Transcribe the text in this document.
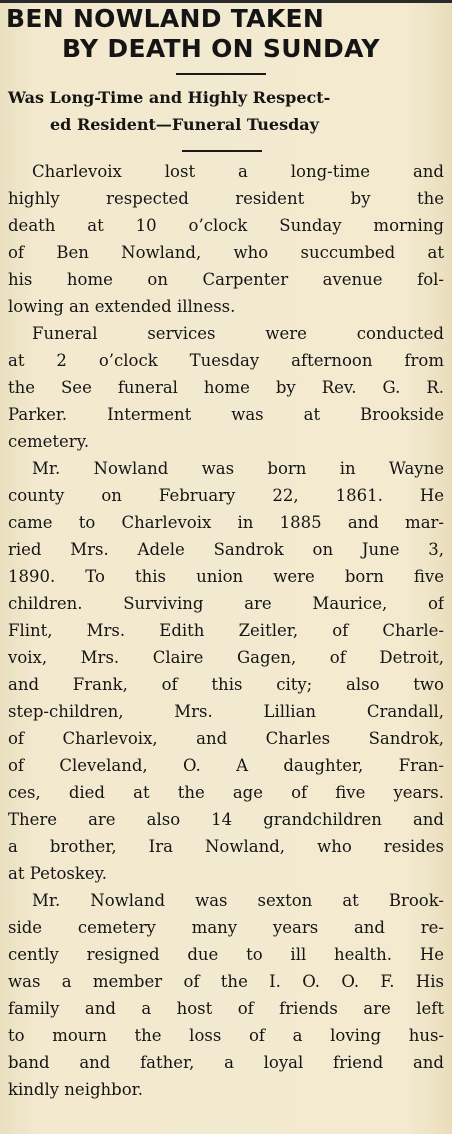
BEN NOWLAND TAKEN
BY DEATH ON SUNDAY
Was Long-Time and Highly Respect-
ed Resident—Funeral Tuesday
Charlevoix lost a long-time and
highly respected resident by the
death at 10 o’clock Sunday morning
of Ben Nowland, who succumbed at
his home on Carpenter avenue fol-
lowing an extended illness.
Funeral services were conducted
at 2 o’clock Tuesday afternoon from
the See funeral home by Rev. G. R.
Parker. Interment was at Brookside
cemetery.
Mr. Nowland was born in Wayne
county on February 22, 1861. He
came to Charlevoix in 1885 and mar-
ried Mrs. Adele Sandrok on June 3,
1890. To this union were born five
children. Surviving are Maurice, of
Flint, Mrs. Edith Zeitler, of Charle-
voix, Mrs. Claire Gagen, of Detroit,
and Frank, of this city; also two
step-children, Mrs. Lillian Crandall,
of Charlevoix, and Charles Sandrok,
of Cleveland, O. A daughter, Fran-
ces, died at the age of five years.
There are also 14 grandchildren and
a brother, Ira Nowland, who resides
at Petoskey.
Mr. Nowland was sexton at Brook-
side cemetery many years and re-
cently resigned due to ill health. He
was a member of the I. O. O. F. His
family and a host of friends are left
to mourn the loss of a loving hus-
band and father, a loyal friend and
kindly neighbor.
